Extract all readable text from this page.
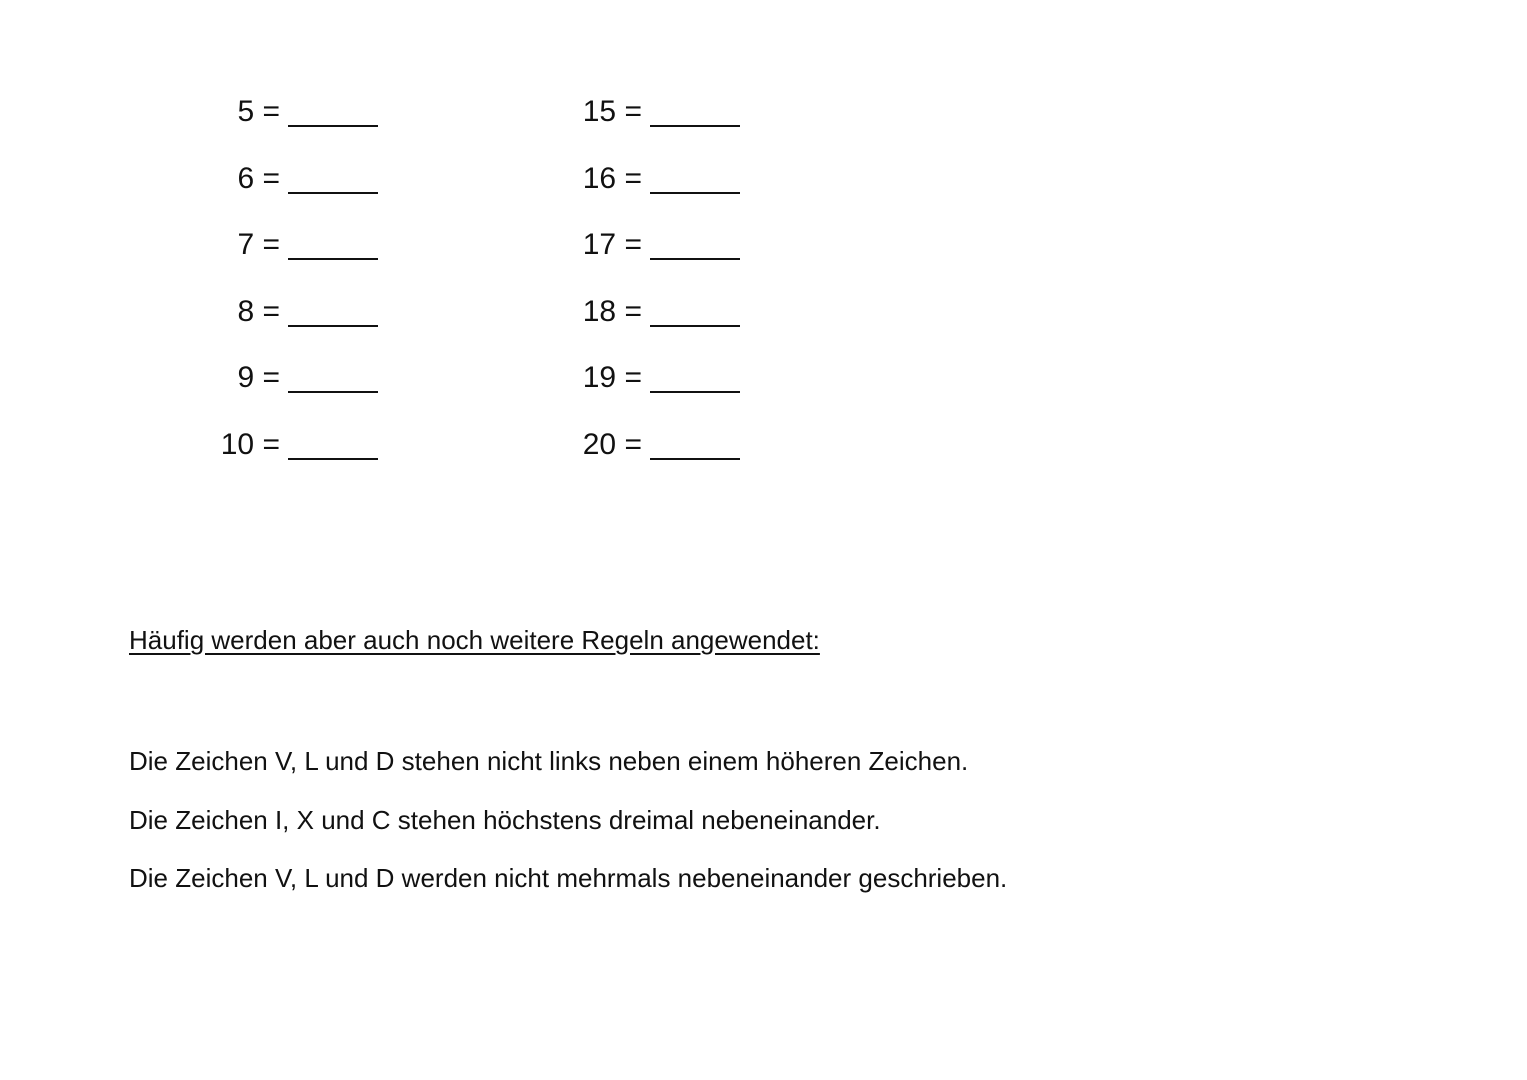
5 =
6 =
7 =
8 =
9 =
10 =
15 =
16 =
17 =
18 =
19 =
20 =
Häufig werden aber auch noch weitere Regeln angewendet:
Die Zeichen V, L und D stehen nicht links neben einem höheren Zeichen.
Die Zeichen I, X und C stehen höchstens dreimal nebeneinander.
Die Zeichen V, L und D werden nicht mehrmals nebeneinander geschrieben.
